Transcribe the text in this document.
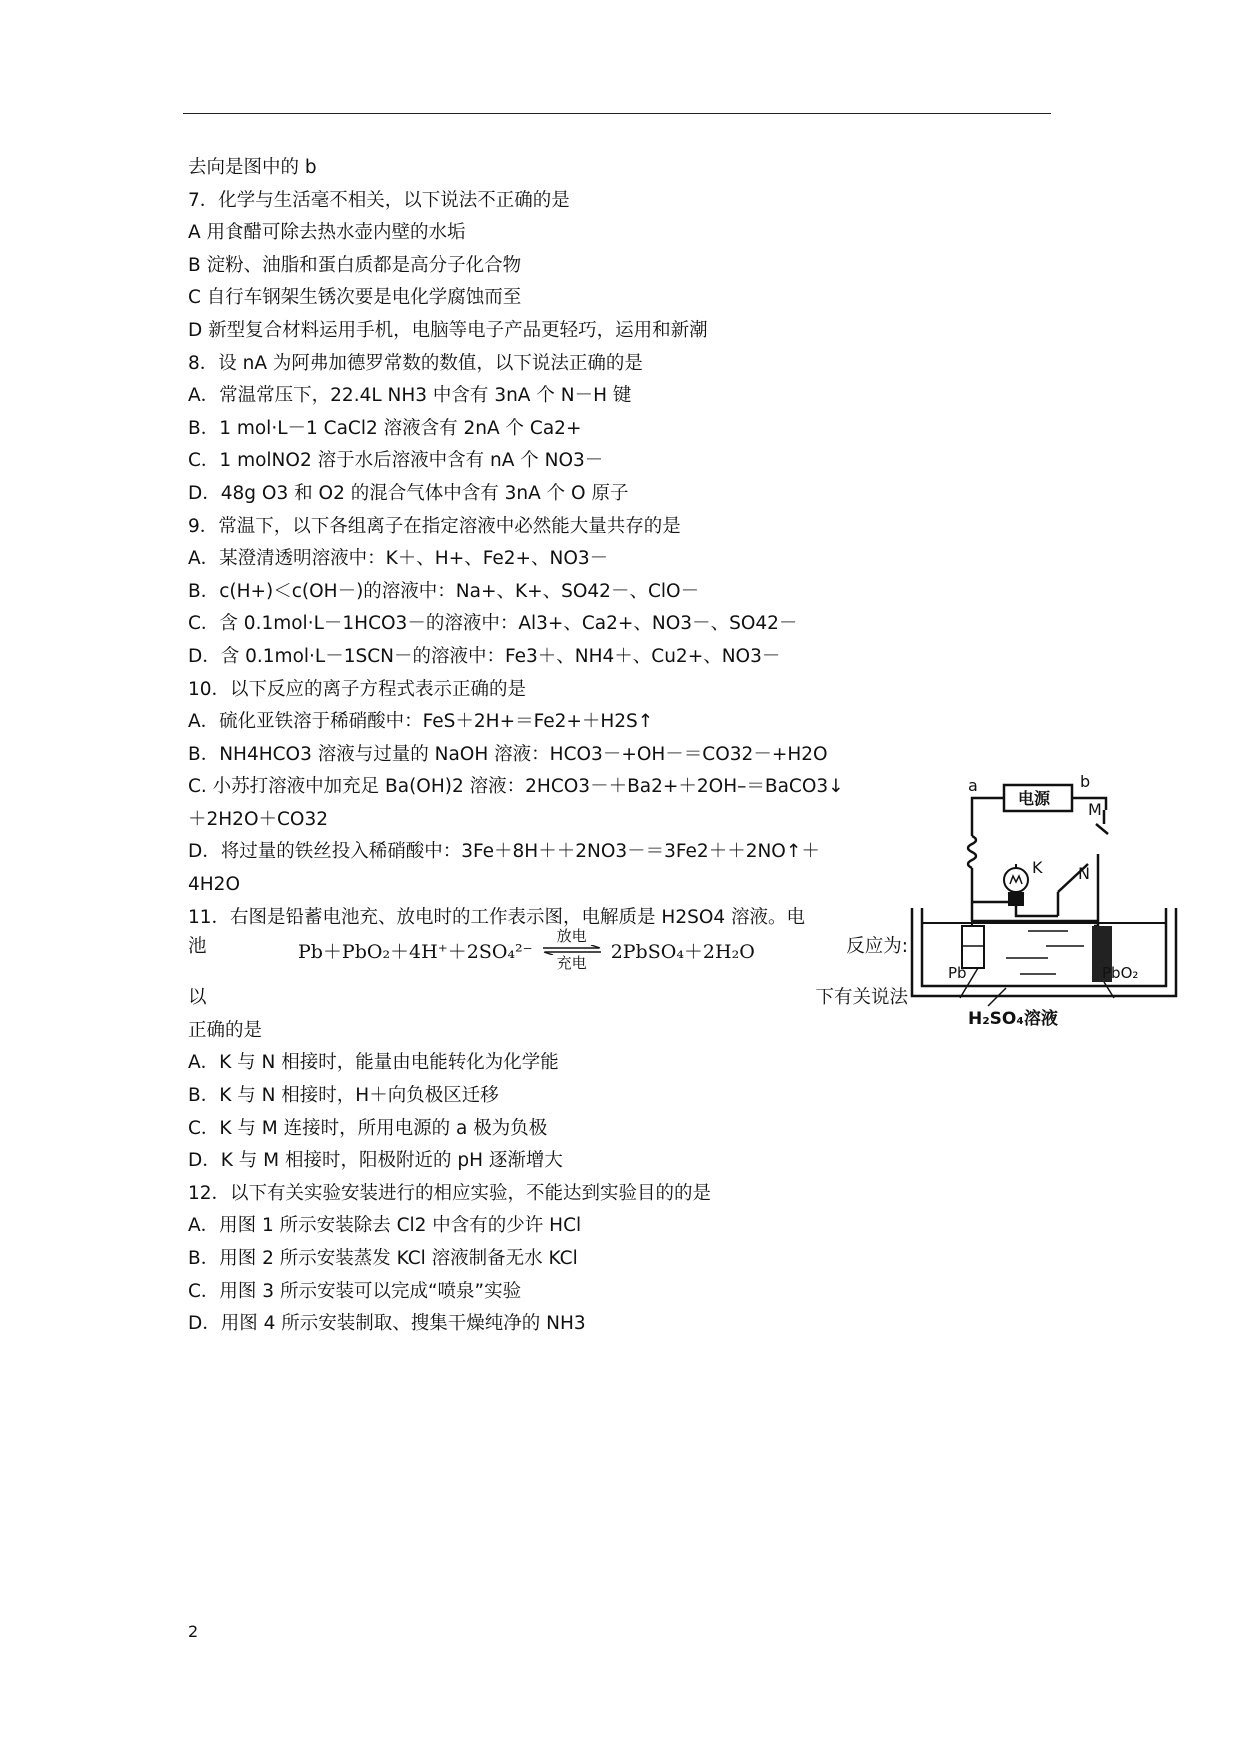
去向是图中的 b
7．化学与生活毫不相关，以下说法不正确的是
A 用食醋可除去热水壶内壁的水垢
B 淀粉、油脂和蛋白质都是高分子化合物
C 自行车钢架生锈次要是电化学腐蚀而至
D 新型复合材料运用手机，电脑等电子产品更轻巧，运用和新潮
8．设 nA 为阿弗加德罗常数的数值，以下说法正确的是
A．常温常压下，22.4L NH3 中含有 3nA 个 N－H 键
B．1 mol·L－1 CaCl2 溶液含有 2nA 个 Ca2+
C．1 molNO2 溶于水后溶液中含有 nA 个 NO3－
D．48g O3 和 O2 的混合气体中含有 3nA 个 O 原子
9．常温下，以下各组离子在指定溶液中必然能大量共存的是
A．某澄清透明溶液中：K＋、H+、Fe2+、NO3－
B．c(H+)＜c(OH－)的溶液中：Na+、K+、SO42－、ClO－
C．含 0.1mol·L－1HCO3－的溶液中：Al3+、Ca2+、NO3－、SO42－
D．含 0.1mol·L－1SCN－的溶液中：Fe3＋、NH4＋、Cu2+、NO3－
10．以下反应的离子方程式表示正确的是
A．硫化亚铁溶于稀硝酸中：FeS＋2H+＝Fe2+＋H2S↑
B．NH4HCO3 溶液与过量的 NaOH 溶液：HCO3－+OH－＝CO32－+H2O
C. 小苏打溶液中加充足 Ba(OH)2 溶液：2HCO3－＋Ba2+＋2OH–＝BaCO3↓
＋2H2O＋CO32
D．将过量的铁丝投入稀硝酸中：3Fe＋8H＋＋2NO3－＝3Fe2＋＋2NO↑＋
4H2O
11．右图是铅蓄电池充、放电时的工作表示图，电解质是 H2SO4 溶液。电
池	Pb＋PbO₂＋4H⁺＋2SO₄²⁻
放电
充电
2PbSO₄＋2H₂O	反应为:
以	下有关说法
正确的是
A．K 与 N 相接时，能量由电能转化为化学能
B．K 与 N 相接时，H＋向负极区迁移
C．K 与 M 连接时，所用电源的 a 极为负极
D．K 与 M 相接时，阳极附近的 pH 逐渐增大
12．以下有关实验安装进行的相应实验，不能达到实验目的的是
A．用图 1 所示安装除去 Cl2 中含有的少许 HCl
B．用图 2 所示安装蒸发 KCl 溶液制备无水 KCl
C．用图 3 所示安装可以完成“喷泉”实验
D．用图 4 所示安装制取、搜集干燥纯净的 NH3
电源
a	b
M
K N
Pb	PbO₂
H₂SO₄溶液
2
